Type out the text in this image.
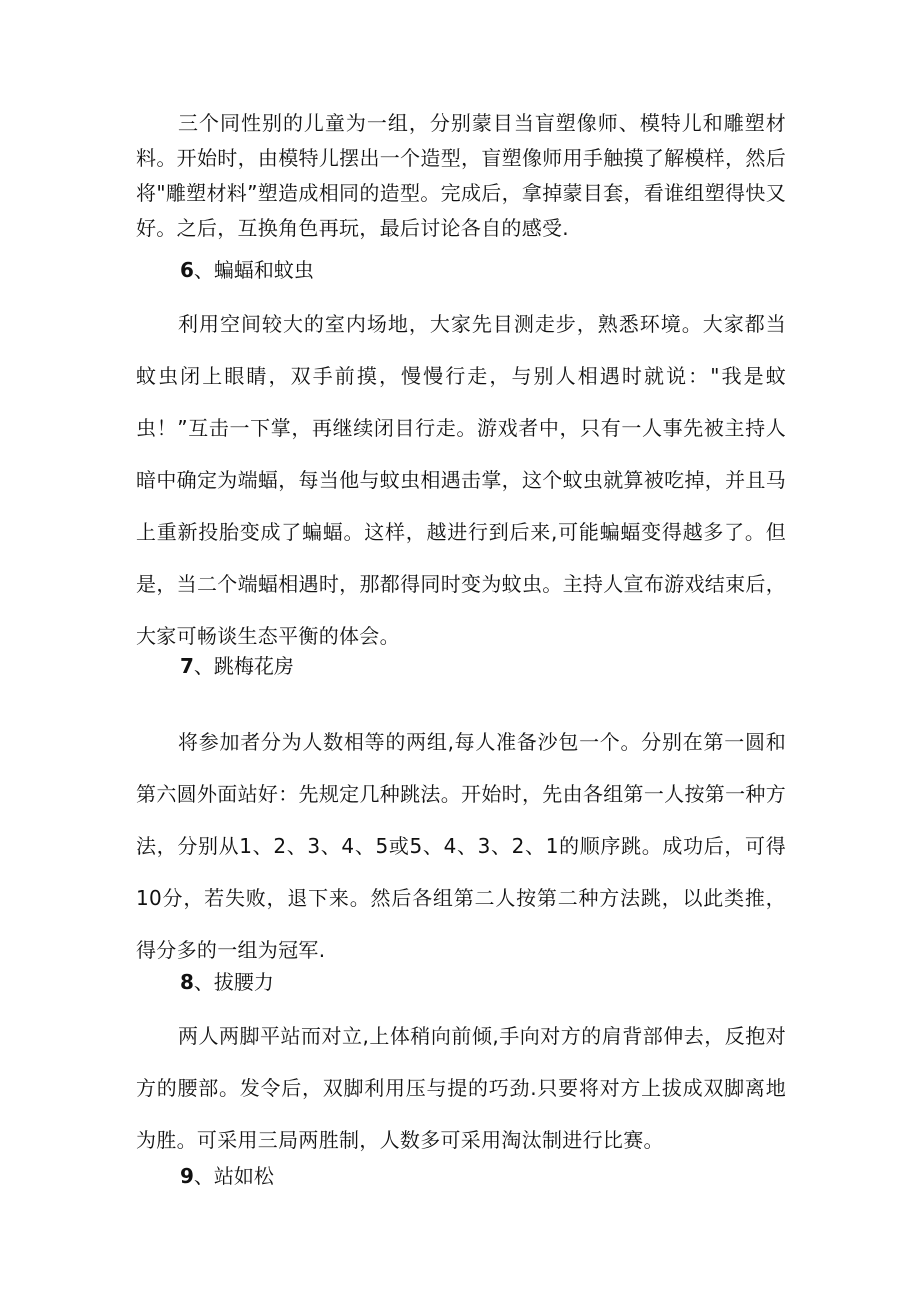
三个同性别的儿童为一组，分别蒙目当盲塑像师、模特儿和雕塑材料。开始时，由模特儿摆出一个造型，盲塑像师用手触摸了解模样，然后将"雕塑材料”塑造成相同的造型。完成后，拿掉蒙目套，看谁组塑得快又好。之后，互换角色再玩，最后讨论各自的感受.

6、蝙蝠和蚊虫

利用空间较大的室内场地，大家先目测走步，熟悉环境。大家都当蚊虫闭上眼睛，双手前摸，慢慢行走，与别人相遇时就说："我是蚊虫！”互击一下掌，再继续闭目行走。游戏者中，只有一人事先被主持人暗中确定为端蝠，每当他与蚊虫相遇击掌，这个蚊虫就算被吃掉，并且马上重新投胎变成了蝙蝠。这样，越进行到后来,可能蝙蝠变得越多了。但是，当二个端蝠相遇时，那都得同时变为蚊虫。主持人宣布游戏结束后，大家可畅谈生态平衡的体会。

7、跳梅花房

将参加者分为人数相等的两组,每人准备沙包一个。分别在第一圆和第六圆外面站好：先规定几种跳法。开始时，先由各组第一人按第一种方法，分别从1、2、3、4、5或5、4、3、2、1的顺序跳。成功后，可得10分，若失败，退下来。然后各组第二人按第二种方法跳，以此类推，得分多的一组为冠军.

8、拔腰力

两人两脚平站而对立,上体稍向前倾,手向对方的肩背部伸去，反抱对方的腰部。发令后，双脚利用压与提的巧劲.只要将对方上拔成双脚离地为胜。可采用三局两胜制，人数多可采用淘汰制进行比赛。

9、站如松
